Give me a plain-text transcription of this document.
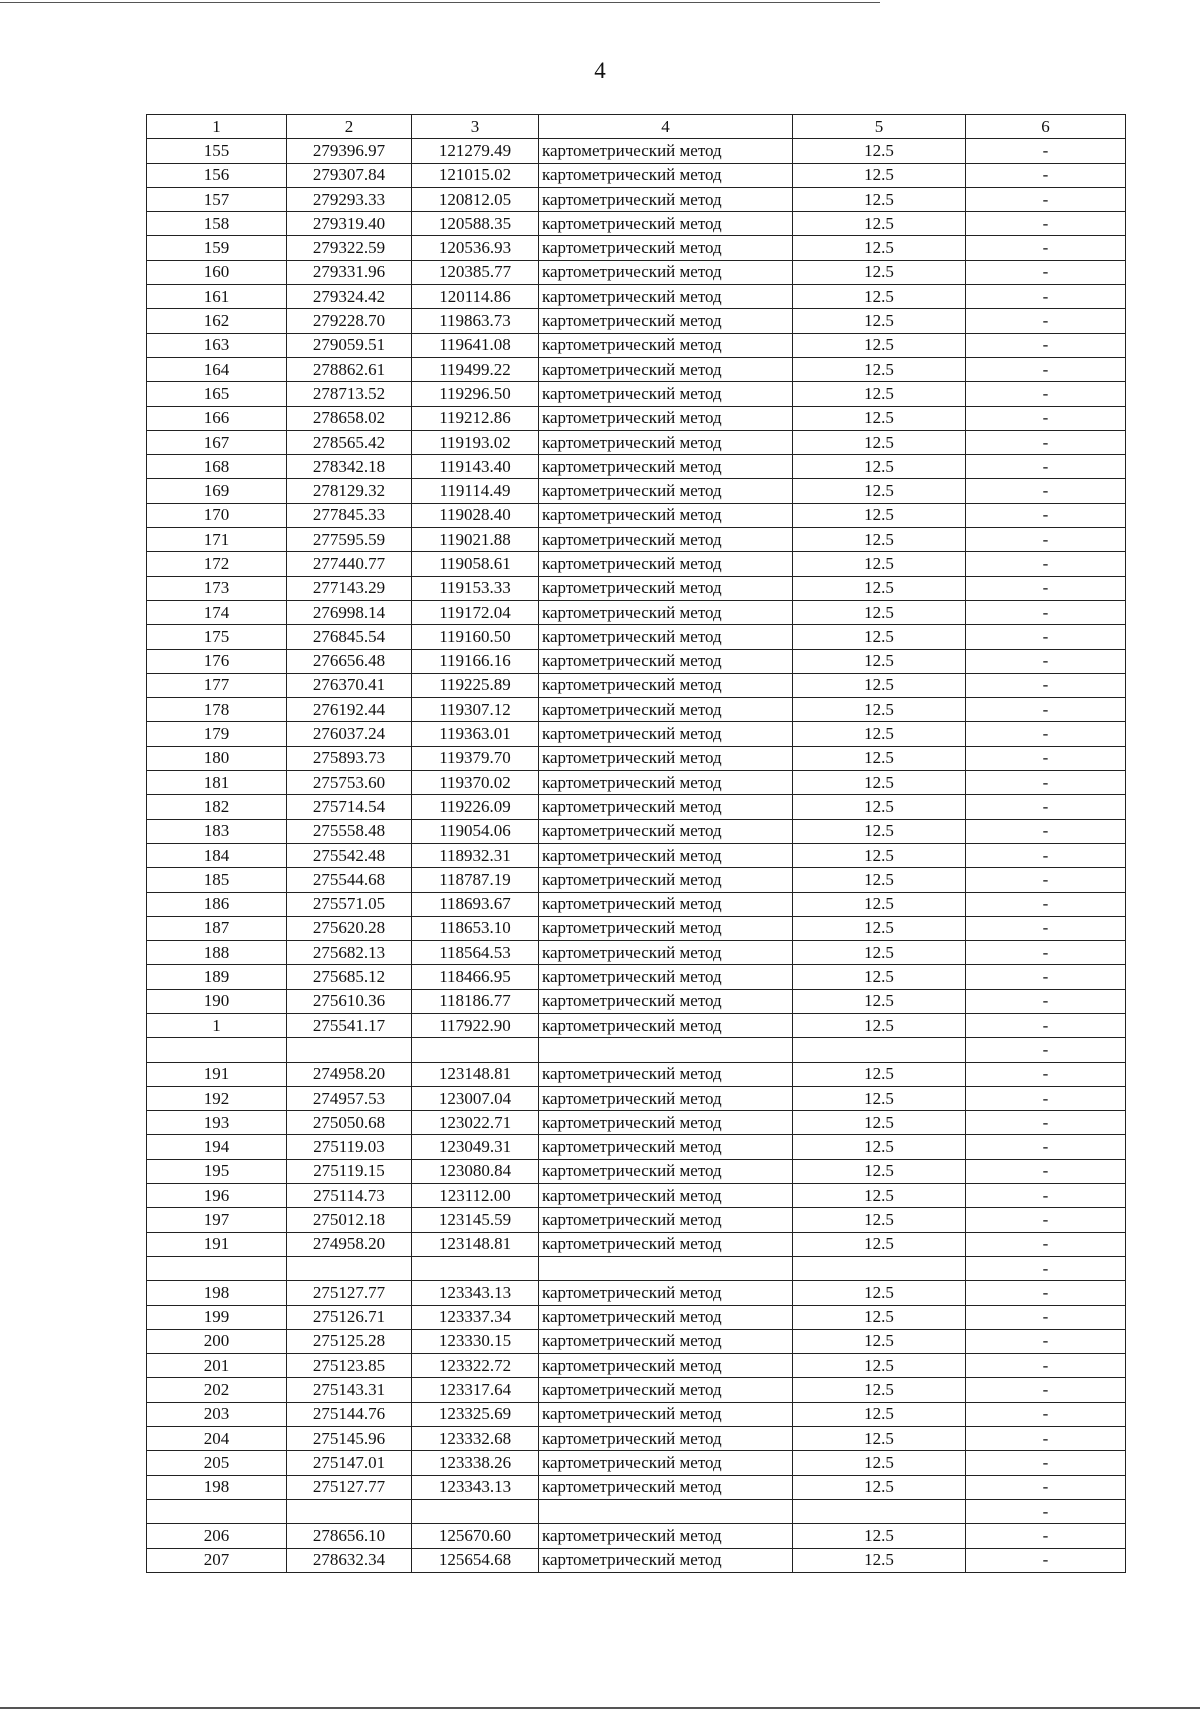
4
1	2	3	4	5	6
155	279396.97	121279.49	картометрический метод	12.5	-
156	279307.84	121015.02	картометрический метод	12.5	-
157	279293.33	120812.05	картометрический метод	12.5	-
158	279319.40	120588.35	картометрический метод	12.5	-
159	279322.59	120536.93	картометрический метод	12.5	-
160	279331.96	120385.77	картометрический метод	12.5	-
161	279324.42	120114.86	картометрический метод	12.5	-
162	279228.70	119863.73	картометрический метод	12.5	-
163	279059.51	119641.08	картометрический метод	12.5	-
164	278862.61	119499.22	картометрический метод	12.5	-
165	278713.52	119296.50	картометрический метод	12.5	-
166	278658.02	119212.86	картометрический метод	12.5	-
167	278565.42	119193.02	картометрический метод	12.5	-
168	278342.18	119143.40	картометрический метод	12.5	-
169	278129.32	119114.49	картометрический метод	12.5	-
170	277845.33	119028.40	картометрический метод	12.5	-
171	277595.59	119021.88	картометрический метод	12.5	-
172	277440.77	119058.61	картометрический метод	12.5	-
173	277143.29	119153.33	картометрический метод	12.5	-
174	276998.14	119172.04	картометрический метод	12.5	-
175	276845.54	119160.50	картометрический метод	12.5	-
176	276656.48	119166.16	картометрический метод	12.5	-
177	276370.41	119225.89	картометрический метод	12.5	-
178	276192.44	119307.12	картометрический метод	12.5	-
179	276037.24	119363.01	картометрический метод	12.5	-
180	275893.73	119379.70	картометрический метод	12.5	-
181	275753.60	119370.02	картометрический метод	12.5	-
182	275714.54	119226.09	картометрический метод	12.5	-
183	275558.48	119054.06	картометрический метод	12.5	-
184	275542.48	118932.31	картометрический метод	12.5	-
185	275544.68	118787.19	картометрический метод	12.5	-
186	275571.05	118693.67	картометрический метод	12.5	-
187	275620.28	118653.10	картометрический метод	12.5	-
188	275682.13	118564.53	картометрический метод	12.5	-
189	275685.12	118466.95	картометрический метод	12.5	-
190	275610.36	118186.77	картометрический метод	12.5	-
1	275541.17	117922.90	картометрический метод	12.5	-
					-
191	274958.20	123148.81	картометрический метод	12.5	-
192	274957.53	123007.04	картометрический метод	12.5	-
193	275050.68	123022.71	картометрический метод	12.5	-
194	275119.03	123049.31	картометрический метод	12.5	-
195	275119.15	123080.84	картометрический метод	12.5	-
196	275114.73	123112.00	картометрический метод	12.5	-
197	275012.18	123145.59	картометрический метод	12.5	-
191	274958.20	123148.81	картометрический метод	12.5	-
					-
198	275127.77	123343.13	картометрический метод	12.5	-
199	275126.71	123337.34	картометрический метод	12.5	-
200	275125.28	123330.15	картометрический метод	12.5	-
201	275123.85	123322.72	картометрический метод	12.5	-
202	275143.31	123317.64	картометрический метод	12.5	-
203	275144.76	123325.69	картометрический метод	12.5	-
204	275145.96	123332.68	картометрический метод	12.5	-
205	275147.01	123338.26	картометрический метод	12.5	-
198	275127.77	123343.13	картометрический метод	12.5	-
					-
206	278656.10	125670.60	картометрический метод	12.5	-
207	278632.34	125654.68	картометрический метод	12.5	-
